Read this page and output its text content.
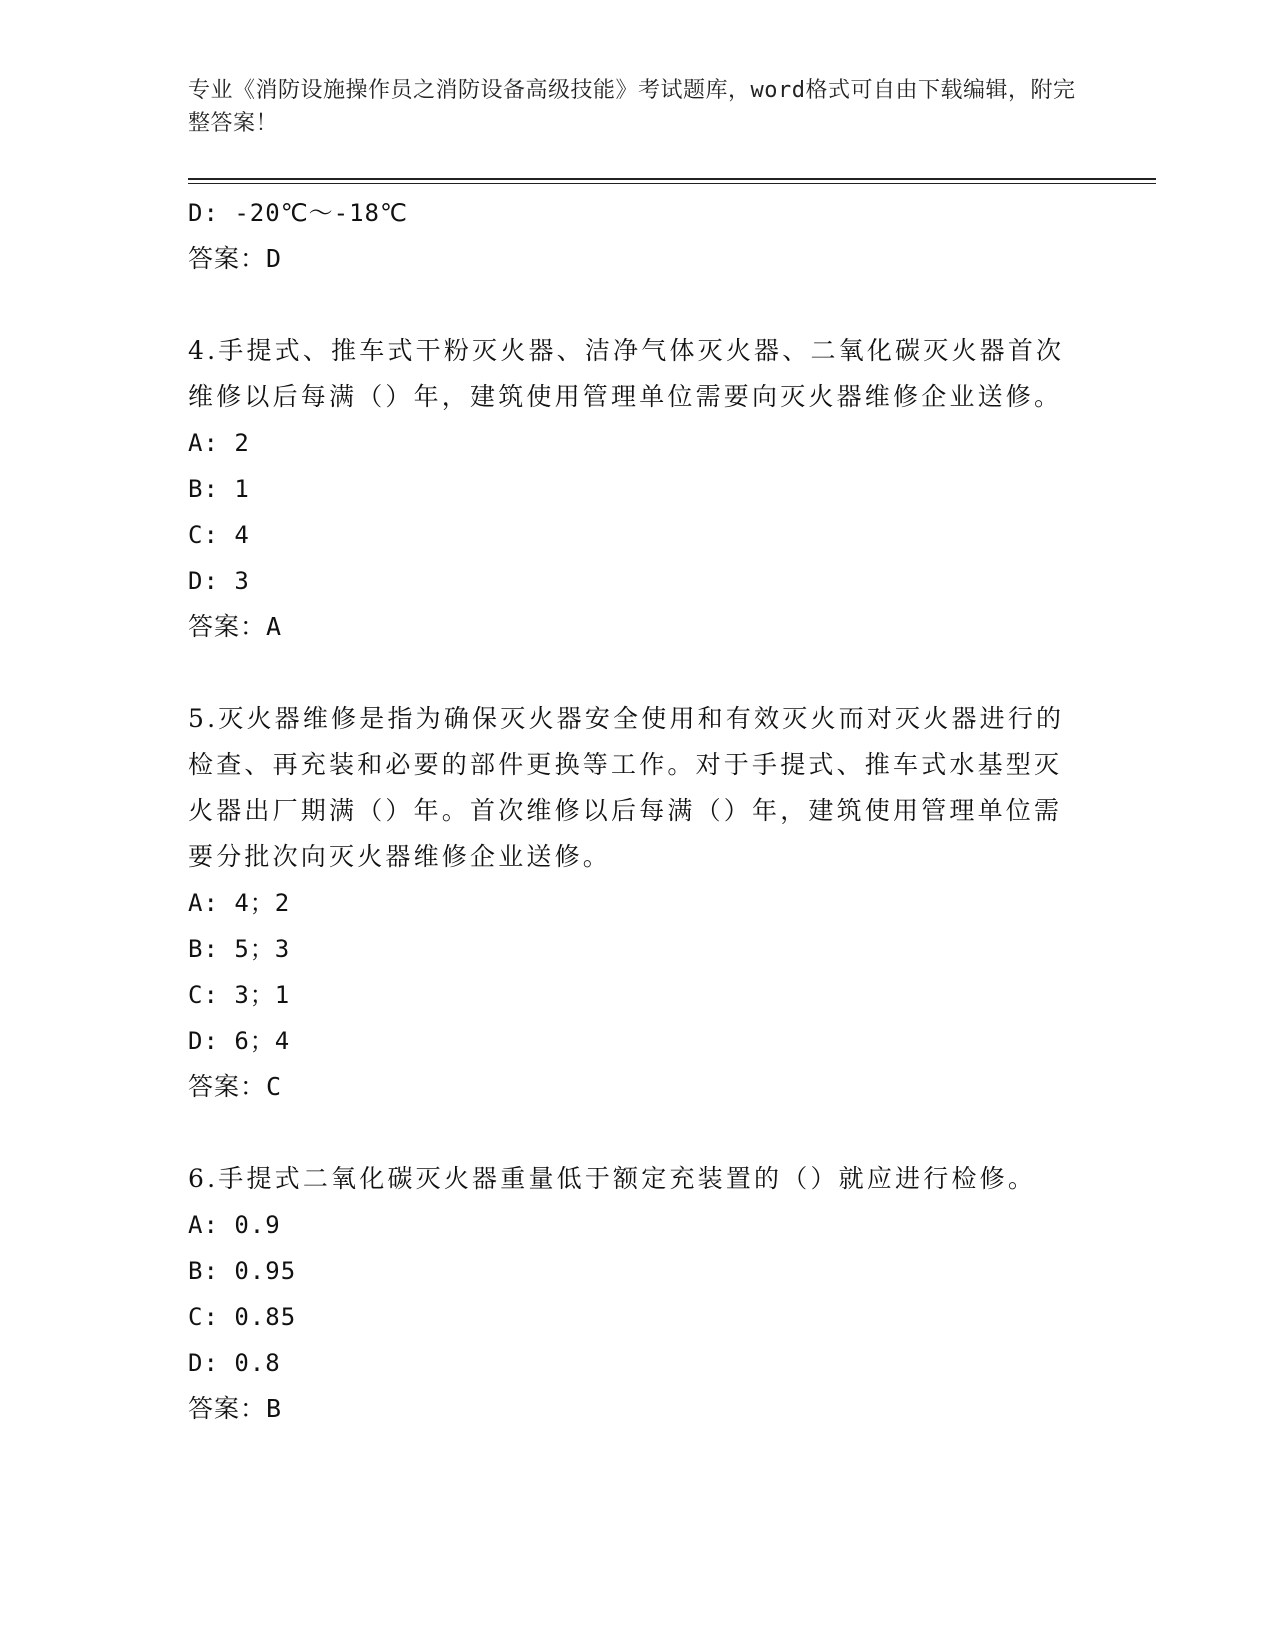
专业《消防设施操作员之消防设备高级技能》考试题库，word格式可自由下载编辑，附完整答案！
D: -20℃～-18℃
答案：D
4.手提式、推车式干粉灭火器、洁净气体灭火器、二氧化碳灭火器首次维修以后每满（）年，建筑使用管理单位需要向灭火器维修企业送修。
A: 2
B: 1
C: 4
D: 3
答案：A
5.灭火器维修是指为确保灭火器安全使用和有效灭火而对灭火器进行的检查、再充装和必要的部件更换等工作。对于手提式、推车式水基型灭火器出厂期满（）年。首次维修以后每满（）年，建筑使用管理单位需要分批次向灭火器维修企业送修。
A: 4；2
B: 5；3
C: 3；1
D: 6；4
答案：C
6.手提式二氧化碳灭火器重量低于额定充装置的（）就应进行检修。
A: 0.9
B: 0.95
C: 0.85
D: 0.8
答案：B
